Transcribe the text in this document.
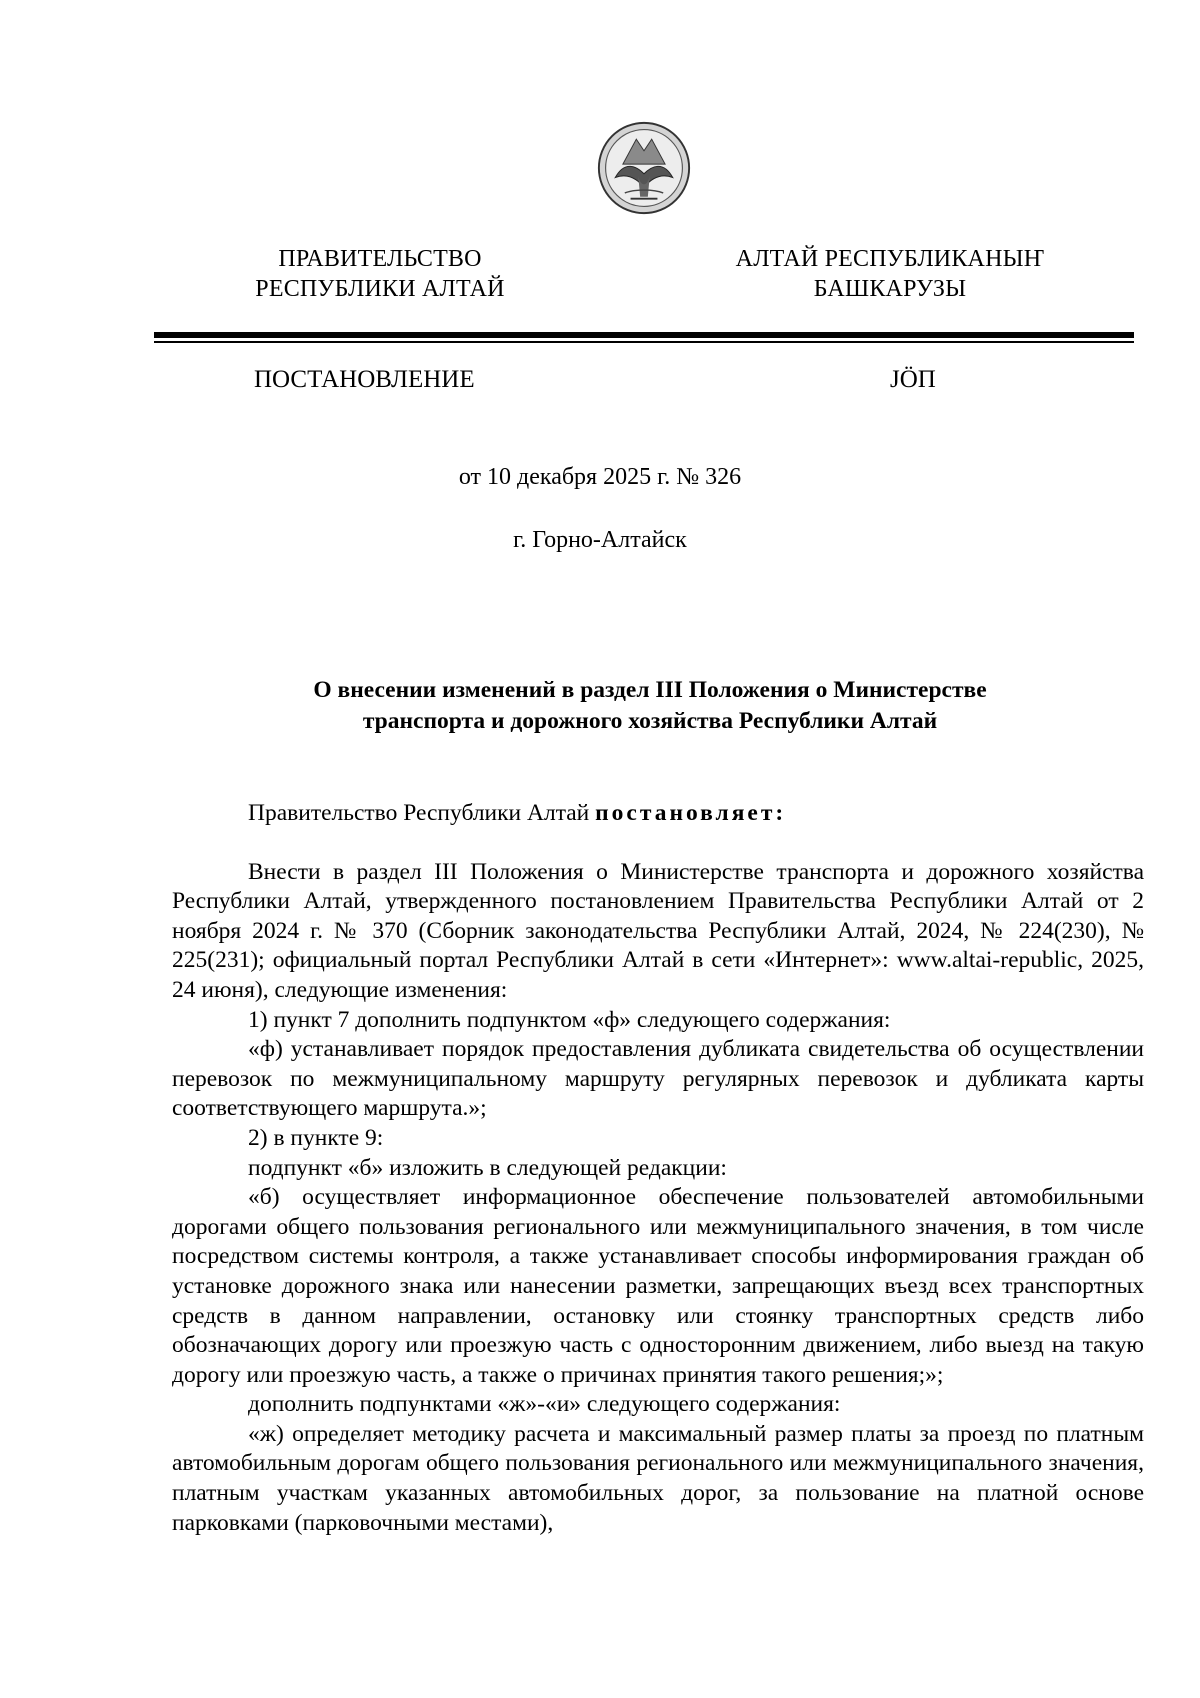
ПРАВИТЕЛЬСТВО
РЕСПУБЛИКИ АЛТАЙ
АЛТАЙ РЕСПУБЛИКАНЫҤ
БАШКАРУЗЫ
ПОСТАНОВЛЕНИЕ	ЈӦП
от 10 декабря 2025 г. № 326
г. Горно-Алтайск
О внесении изменений в раздел III Положения о Министерстве
транспорта и дорожного хозяйства Республики Алтай

Правительство Республики Алтай постановляет:

Внести в раздел III Положения о Министерстве транспорта и дорожного хозяйства Республики Алтай, утвержденного постановлением Правительства Республики Алтай от 2 ноября 2024 г. № 370 (Сборник законодательства Республики Алтай, 2024, № 224(230), № 225(231); официальный портал Республики Алтай в сети «Интернет»: www.altai-republic, 2025, 24 июня), следующие изменения:

1) пункт 7 дополнить подпунктом «ф» следующего содержания:

«ф) устанавливает порядок предоставления дубликата свидетельства об осуществлении перевозок по межмуниципальному маршруту регулярных перевозок и дубликата карты соответствующего маршрута.»;

2) в пункте 9:

подпункт «б» изложить в следующей редакции:

«б) осуществляет информационное обеспечение пользователей автомобильными дорогами общего пользования регионального или межмуниципального значения, в том числе посредством системы контроля, а также устанавливает способы информирования граждан об установке дорожного знака или нанесении разметки, запрещающих въезд всех транспортных средств в данном направлении, остановку или стоянку транспортных средств либо обозначающих дорогу или проезжую часть с односторонним движением, либо выезд на такую дорогу или проезжую часть, а также о причинах принятия такого решения;»;

дополнить подпунктами «ж»-«и» следующего содержания:

«ж) определяет методику расчета и максимальный размер платы за проезд по платным автомобильным дорогам общего пользования регионального или межмуниципального значения, платным участкам указанных автомобильных дорог, за пользование на платной основе парковками (парковочными местами),
